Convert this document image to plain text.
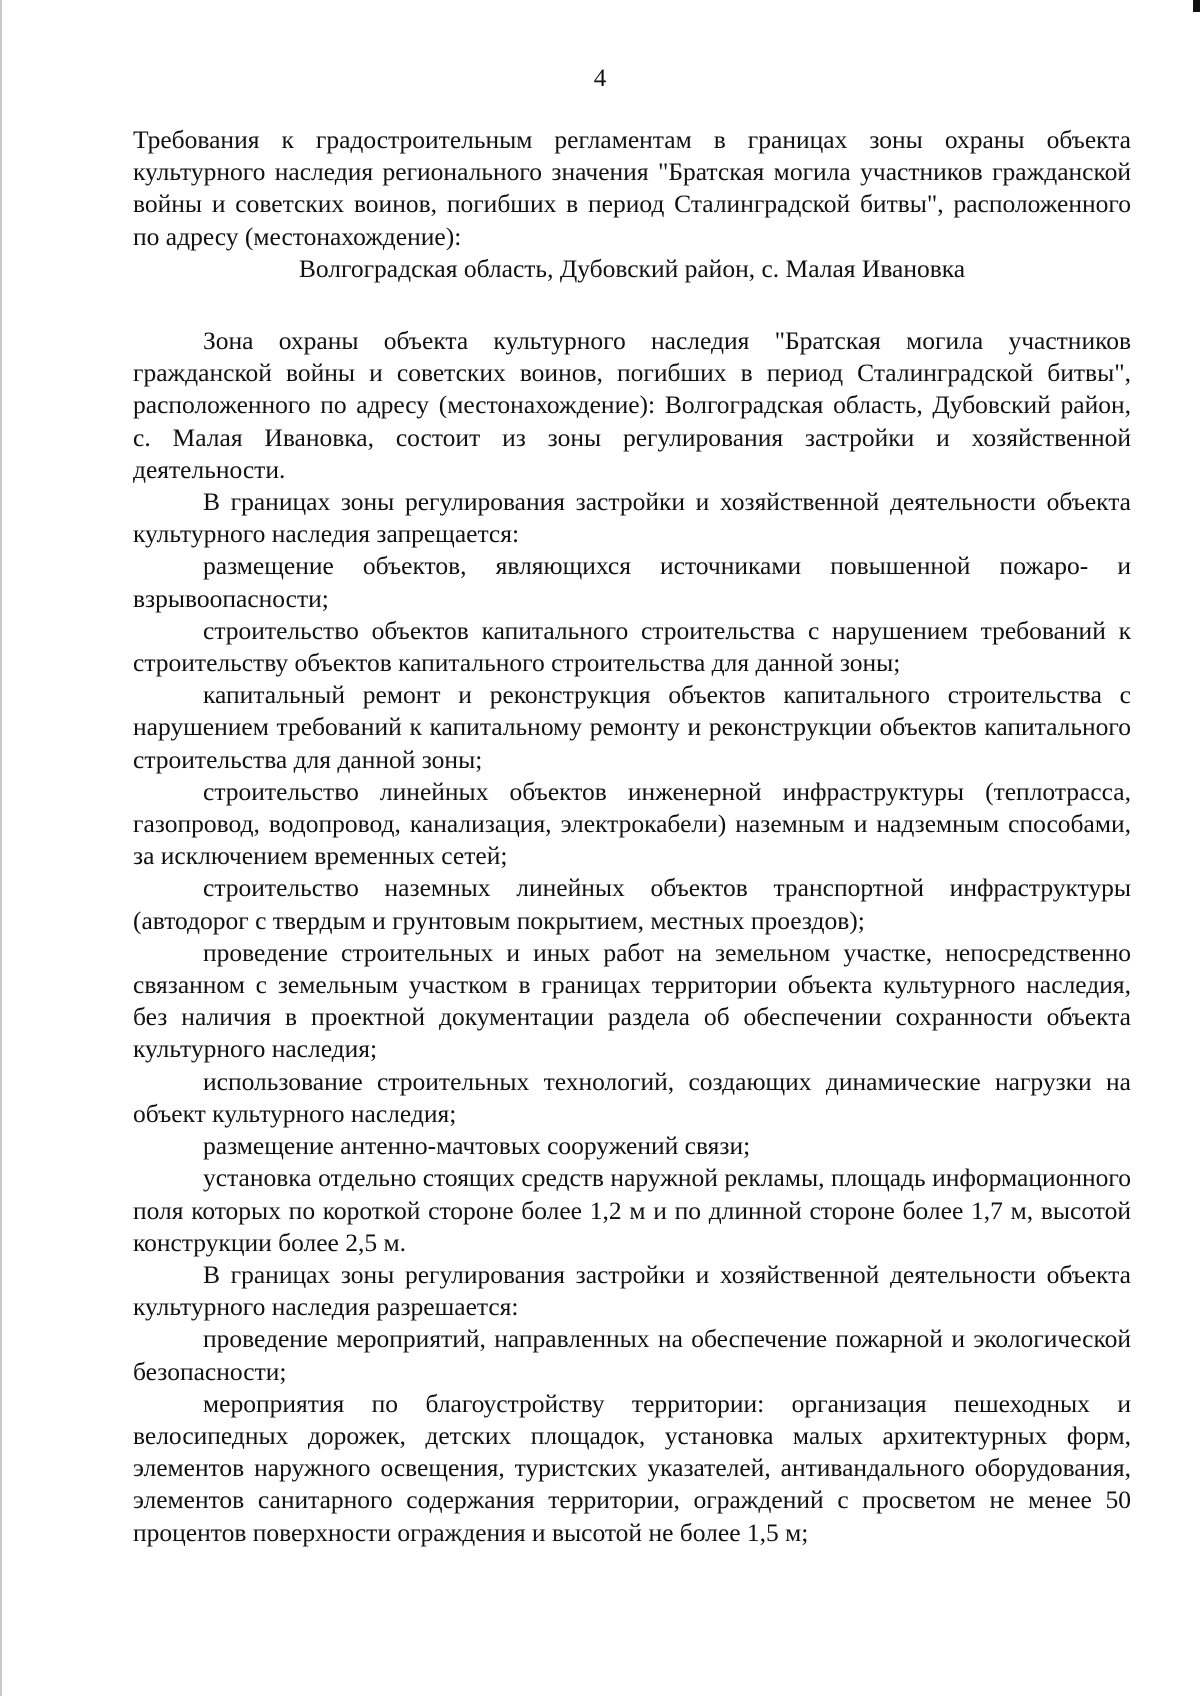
4
Требования к градостроительным регламентам в границах зоны охраны объекта культурного наследия регионального значения "Братская могила участников гражданской войны и советских воинов, погибших в период Сталинградской битвы", расположенного по адресу (местонахождение):
Волгоградская область, Дубовский район, с. Малая Ивановка

Зона охраны объекта культурного наследия "Братская могила участников гражданской войны и советских воинов, погибших в период Сталинградской битвы", расположенного по адресу (местонахождение): Волгоградская область, Дубовский район, с. Малая Ивановка, состоит из зоны регулирования застройки и хозяйственной деятельности.

В границах зоны регулирования застройки и хозяйственной деятельности объекта культурного наследия запрещается:

размещение объектов, являющихся источниками повышенной пожаро- и взрывоопасности;

строительство объектов капитального строительства с нарушением требований к строительству объектов капитального строительства для данной зоны;

капитальный ремонт и реконструкция объектов капитального строительства с нарушением требований к капитальному ремонту и реконструкции объектов капитального строительства для данной зоны;

строительство линейных объектов инженерной инфраструктуры (теплотрасса, газопровод, водопровод, канализация, электрокабели) наземным и надземным способами, за исключением временных сетей;

строительство наземных линейных объектов транспортной инфраструктуры (автодорог с твердым и грунтовым покрытием, местных проездов);

проведение строительных и иных работ на земельном участке, непосредственно связанном с земельным участком в границах территории объекта культурного наследия, без наличия в проектной документации раздела об обеспечении сохранности объекта культурного наследия;

использование строительных технологий, создающих динамические нагрузки на объект культурного наследия;

размещение антенно-мачтовых сооружений связи;

установка отдельно стоящих средств наружной рекламы, площадь информационного поля которых по короткой стороне более 1,2 м и по длинной стороне более 1,7 м, высотой конструкции более 2,5 м.

В границах зоны регулирования застройки и хозяйственной деятельности объекта культурного наследия разрешается:

проведение мероприятий, направленных на обеспечение пожарной и экологической безопасности;

мероприятия по благоустройству территории: организация пешеходных и велосипедных дорожек, детских площадок, установка малых архитектурных форм, элементов наружного освещения, туристских указателей, антивандального оборудования, элементов санитарного содержания территории, ограждений с просветом не менее 50 процентов поверхности ограждения и высотой не более 1,5 м;
